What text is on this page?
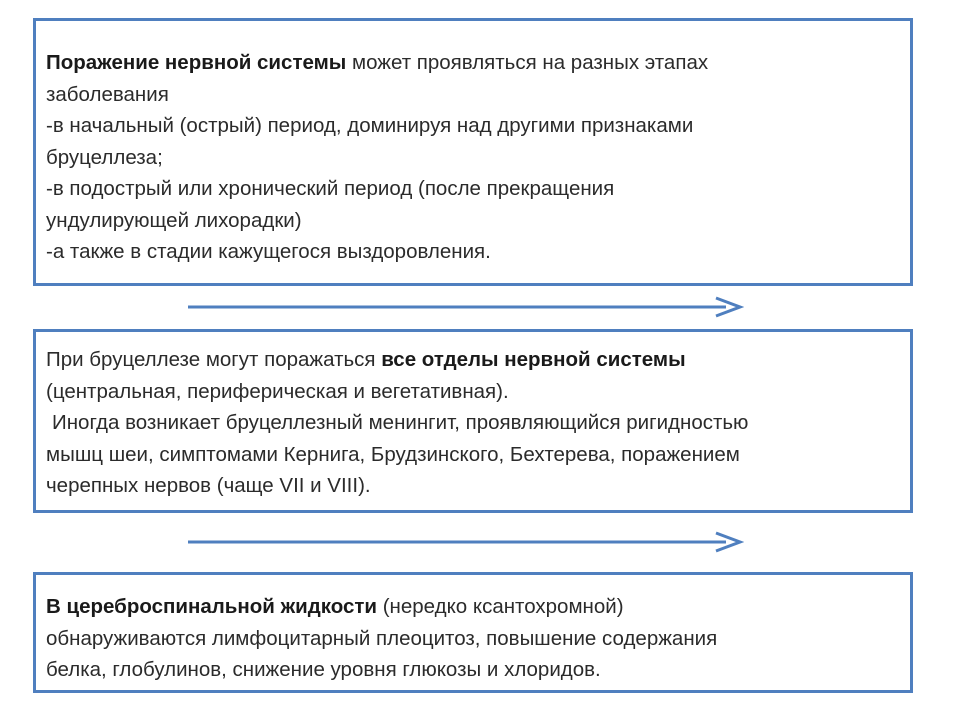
Поражение нервной системы может проявляться на разных этапах
заболевания
-в начальный (острый) период, доминируя над другими признаками
бруцеллеза;
-в подострый или хронический период (после прекращения
ундулирующей лихорадки)
-а также в стадии кажущегося выздоровления.
При бруцеллезе могут поражаться все отделы нервной системы
(центральная, периферическая и вегетативная).
Иногда возникает бруцеллезный менингит, проявляющийся ригидностью
мышц шеи, симптомами Кернига, Брудзинского, Бехтерева, поражением
черепных нервов (чаще VII и VIII).
В цереброспинальной жидкости (нередко ксантохромной)
обнаруживаются лимфоцитарный плеоцитоз, повышение содержания
белка, глобулинов, снижение уровня глюкозы и хлоридов.
